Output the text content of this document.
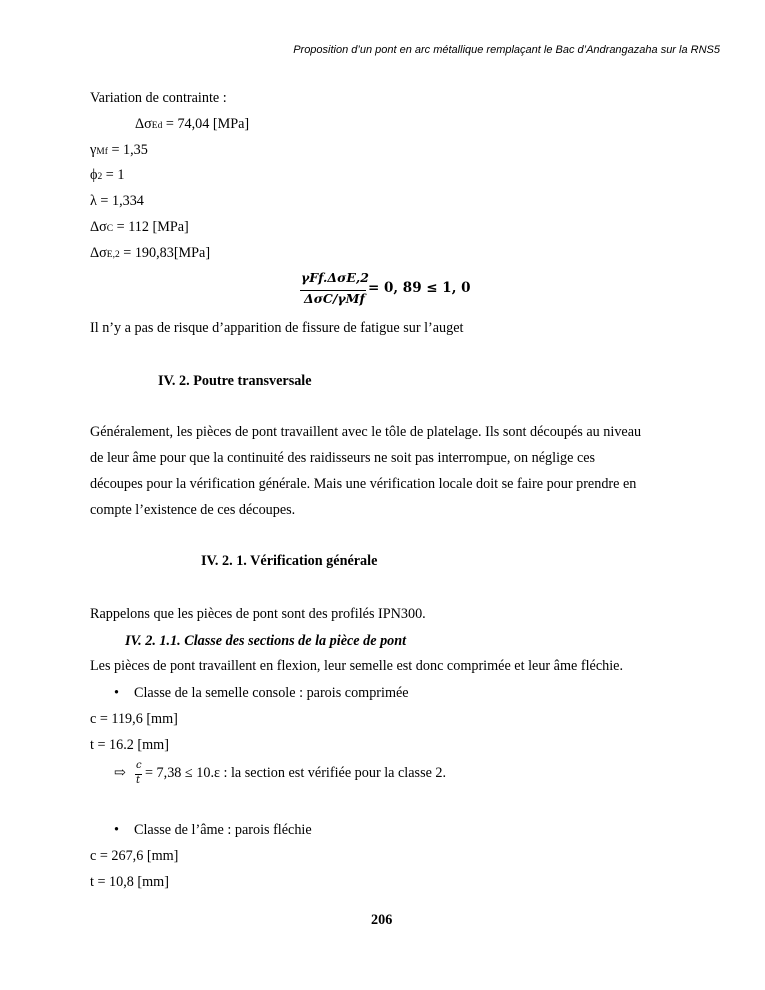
Proposition d’un pont en arc métallique remplaçant le Bac d’Andrangazaha sur la RNS5
Variation de contrainte :
ΔσEd = 74,04 [MPa]
γMf = 1,35
ϕ2 = 1
λ = 1,334
ΔσC = 112 [MPa]
ΔσE,2 = 190,83[MPa]
γFf.ΔσE,2
ΔσC/γMf
= 0, 89 ≤ 1, 0
Il n’y a pas de risque d’apparition de fissure de fatigue sur l’auget
IV. 2. Poutre transversale
Généralement, les pièces de pont travaillent avec le tôle de platelage. Ils sont découpés au niveau
de leur âme pour que la continuité des raidisseurs ne soit pas interrompue, on néglige ces
découpes pour la vérification générale. Mais une vérification locale doit se faire pour prendre en
compte l’existence de ces découpes.
IV. 2. 1. Vérification générale
Rappelons que les pièces de pont sont des profilés IPN300.
IV. 2. 1.1. Classe des sections de la pièce de pont
Les pièces de pont travaillent en flexion, leur semelle est donc comprimée et leur âme fléchie.
• Classe de la semelle console : parois comprimée
c = 119,6 [mm]
t = 16.2 [mm]
⇨ c
t = 7,38 ≤ 10.ε : la section est vérifiée pour la classe 2.
• Classe de l’âme : parois fléchie
c = 267,6 [mm]
t = 10,8 [mm]
206
